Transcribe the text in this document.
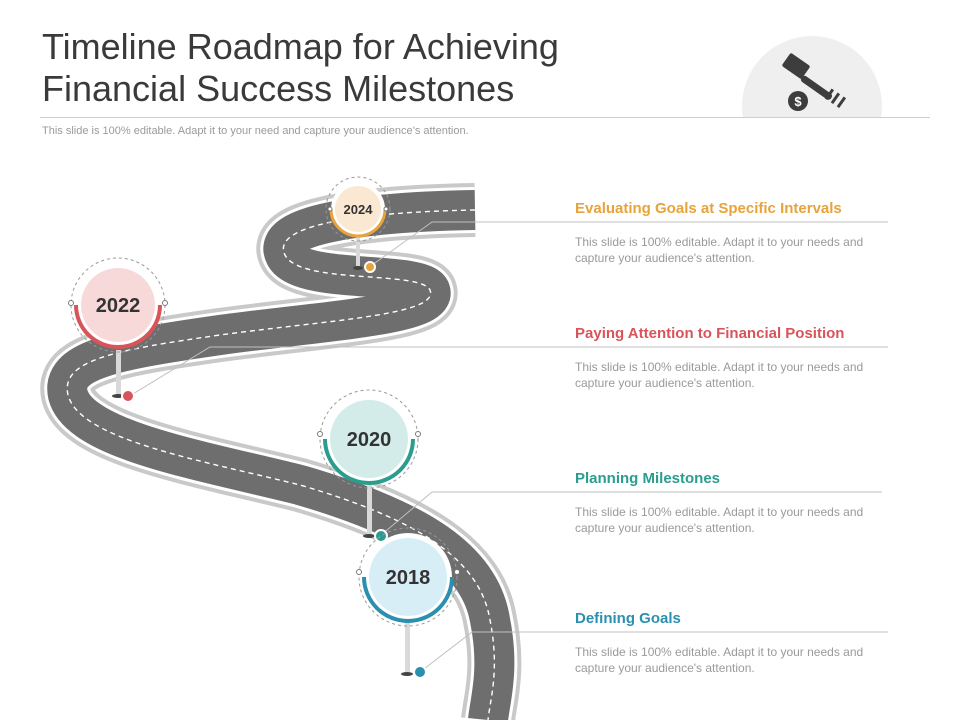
Timeline Roadmap for Achieving Financial Success Milestones
This slide is 100% editable. Adapt it to your need and capture your audience’s attention.
$
2024
2022
2020
2018
Evaluating Goals at Specific Intervals
This slide is 100% editable. Adapt it to your needs and capture your audience's attention.
Paying Attention to Financial Position
This slide is 100% editable. Adapt it to your needs and capture your audience's attention.
Planning Milestones
This slide is 100% editable. Adapt it to your needs and capture your audience's attention.
Defining Goals
This slide is 100% editable. Adapt it to your needs and capture your audience's attention.
